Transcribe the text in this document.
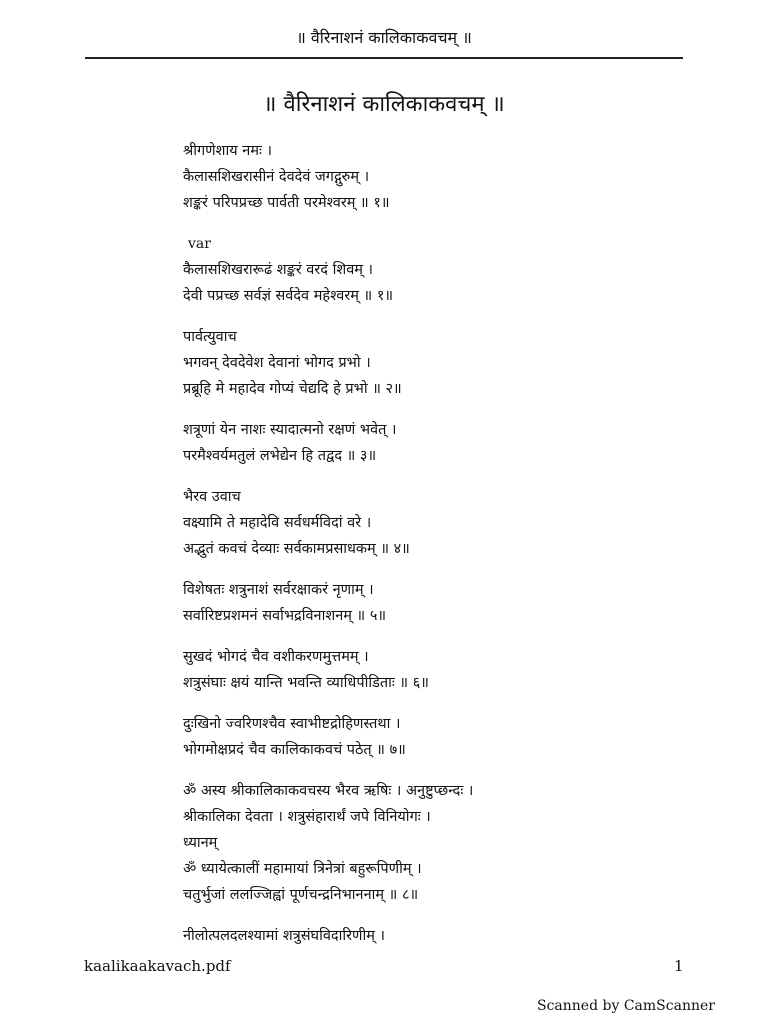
॥ वैरिनाशनं कालिकाकवचम् ॥
॥ वैरिनाशनं कालिकाकवचम् ॥
श्रीगणेशाय नमः ।
कैलासशिखरासीनं देवदेवं जगद्गुरुम् ।
शङ्करं परिपप्रच्छ पार्वती परमेश्वरम् ॥ १॥
var
कैलासशिखरारूढं शङ्करं वरदं शिवम् ।
देवी पप्रच्छ सर्वज्ञं सर्वदेव महेश्वरम् ॥ १॥
पार्वत्युवाच
भगवन् देवदेवेश देवानां भोगद प्रभो ।
प्रब्रूहि मे महादेव गोप्यं चेद्यदि हे प्रभो ॥ २॥
शत्रूणां येन नाशः स्यादात्मनो रक्षणं भवेत् ।
परमैश्वर्यमतुलं लभेद्येन हि तद्वद ॥ ३॥
भैरव उवाच
वक्ष्यामि ते महादेवि सर्वधर्मविदां वरे ।
अद्भुतं कवचं देव्याः सर्वकामप्रसाधकम् ॥ ४॥
विशेषतः शत्रुनाशं सर्वरक्षाकरं नृणाम् ।
सर्वारिष्टप्रशमनं सर्वाभद्रविनाशनम् ॥ ५॥
सुखदं भोगदं चैव वशीकरणमुत्तमम् ।
शत्रुसंघाः क्षयं यान्ति भवन्ति व्याधिपीडिताः ॥ ६॥
दुःखिनो ज्वरिणश्चैव स्वाभीष्टद्रोहिणस्तथा ।
भोगमोक्षप्रदं चैव कालिकाकवचं पठेत् ॥ ७॥
ॐ अस्य श्रीकालिकाकवचस्य भैरव ऋषिः । अनुष्टुप्छन्दः ।
श्रीकालिका देवता । शत्रुसंहारार्थं जपे विनियोगः ।
ध्यानम्
ॐ ध्यायेत्कालीं महामायां त्रिनेत्रां बहुरूपिणीम् ।
चतुर्भुजां ललज्जिह्वां पूर्णचन्द्रनिभाननाम् ॥ ८॥
नीलोत्पलदलश्यामां शत्रुसंघविदारिणीम् ।
kaalikaakavach.pdf	1
Scanned by CamScanner
